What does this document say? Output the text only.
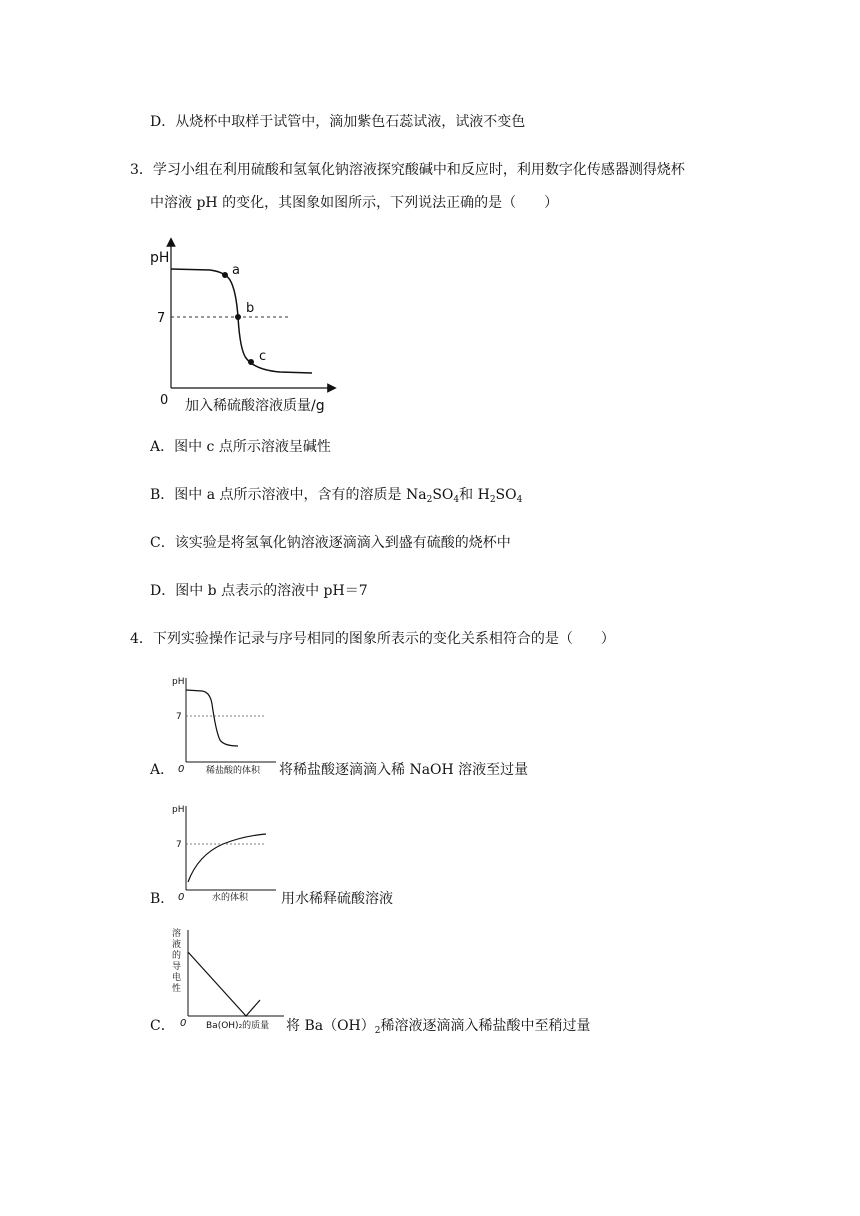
D．从烧杯中取样于试管中，滴加紫色石蕊试液，试液不变色
3．学习小组在利用硫酸和氢氧化钠溶液探究酸碱中和反应时，利用数字化传感器测得烧杯
中溶液 pH 的变化，其图象如图所示，下列说法正确的是（　　）
pH
7
0
a
b
c
加入稀硫酸溶液质量/g
A．图中 c 点所示溶液呈碱性
B．图中 a 点所示溶液中，含有的溶质是 $Na_2SO_4$和 $H_2SO_4$
C．该实验是将氢氧化钠溶液逐滴滴入到盛有硫酸的烧杯中
D．图中 b 点表示的溶液中 pH＝7
4．下列实验操作记录与序号相同的图象所表示的变化关系相符合的是（　　）
A．
pH
7
0 稀盐酸的体积 将稀盐酸逐滴滴入稀 NaOH 溶液至过量
B．
pH
7
0	水的体积 用水稀释硫酸溶液
C．
溶
液
的
导
电
性
0 Ba(OH)₂的质量 将 $Ba(OH)_2$稀溶液逐滴滴入稀盐酸中至稍过量
